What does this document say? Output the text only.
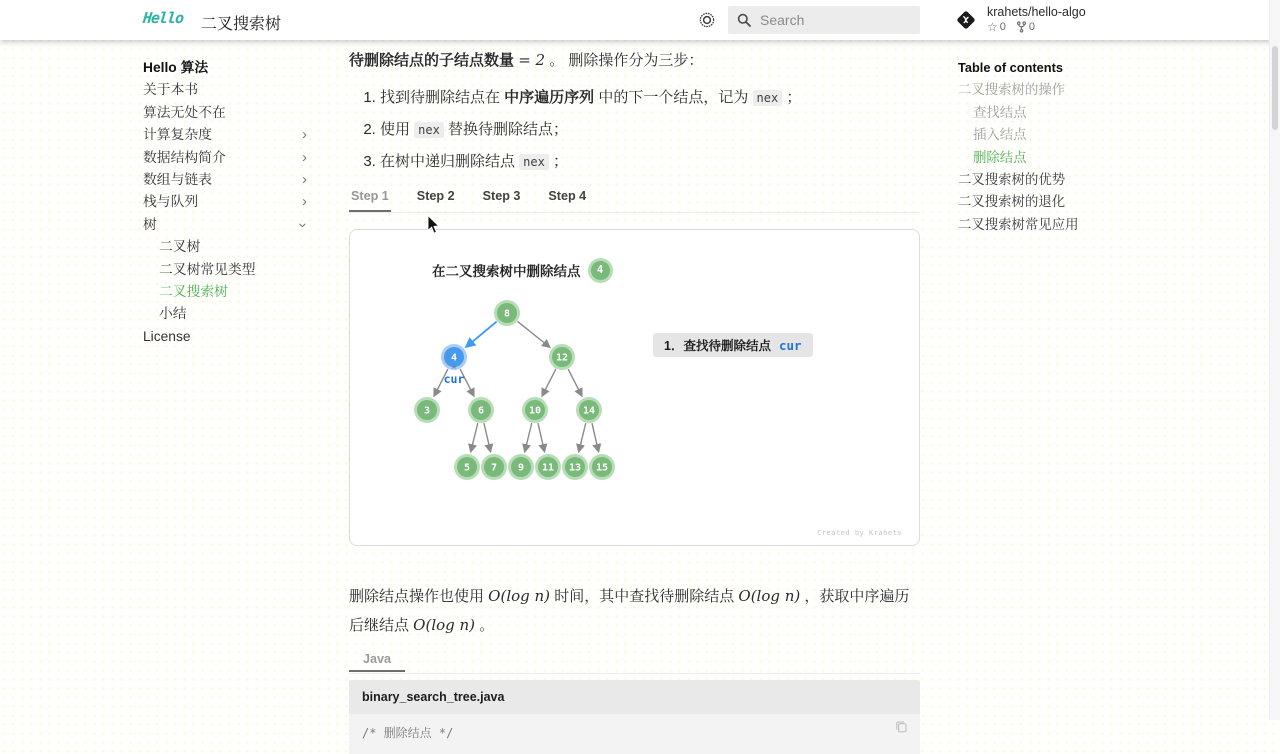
Hello 二叉搜索树
Search
krahets/hello-algo
☆ 0 0
Hello 算法
关于本书
算法无处不在
计算复杂度	›
数据结构简介	›
数组与链表	›
栈与队列	›
树	›
二叉树
二叉树常见类型
二叉搜索树
小结
License
Table of contents
二叉搜索树的操作
查找结点
插入结点
删除结点
二叉搜索树的优势
二叉搜索树的退化
二叉搜索树常见应用

待删除结点的子结点数量 = 2 。 删除操作分为三步：

1. 找到待删除结点在 中序遍历序列 中的下一个结点，记为 nex ；
2. 使用 nex 替换待删除结点；
3. 在树中递归删除结点 nex ；
Step 1 Step 2 Step 3 Step 4
在二叉搜索树中删除结点	4
8
4	12
3	6	10	14
5 7 9 11 13 15
^
cur
1．查找待删除结点 cur
Created by Krahets

删除结点操作也使用 O(log n) 时间，其中查找待删除结点 O(log n) ，获取中序遍历后继结点 O(log n) 。

Java
binary_search_tree.java
/* 删除结点 */
